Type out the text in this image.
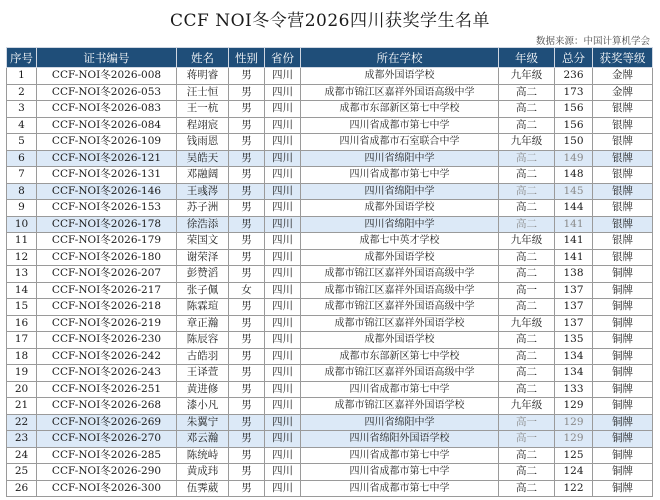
CCF NOI冬令营2026四川获奖学生名单
数据来源：中国计算机学会
序号	证书编号	姓名	性别	省份	所在学校	年级	总分	获奖等级
1	CCF-NOI冬2026-008	蒋明睿	男	四川	成都外国语学校	九年级	236	金牌
2	CCF-NOI冬2026-053	汪士恒	男	四川	成都市锦江区嘉祥外国语高级中学	高二	173	金牌
3	CCF-NOI冬2026-083	王一杭	男	四川	成都市东部新区第七中学校	高二	156	银牌
4	CCF-NOI冬2026-084	程翊宸	男	四川	四川省成都市第七中学	高二	156	银牌
5	CCF-NOI冬2026-109	钱雨恩	男	四川	四川省成都市石室联合中学	九年级	150	银牌
6	CCF-NOI冬2026-121	吴皓天	男	四川	四川省绵阳中学	高二	149	银牌
7	CCF-NOI冬2026-131	邓融阔	男	四川	四川省成都市第七中学	高二	148	银牌
8	CCF-NOI冬2026-146	王彧涔	男	四川	四川省绵阳中学	高二	145	银牌
9	CCF-NOI冬2026-153	苏子洲	男	四川	成都外国语学校	高二	144	银牌
10	CCF-NOI冬2026-178	徐浩添	男	四川	四川省绵阳中学	高二	141	银牌
11	CCF-NOI冬2026-179	荣国文	男	四川	成都七中英才学校	九年级	141	银牌
12	CCF-NOI冬2026-180	谢荣泽	男	四川	成都外国语学校	高二	141	银牌
13	CCF-NOI冬2026-207	彭赞滔	男	四川	成都市锦江区嘉祥外国语高级中学	高二	138	铜牌
14	CCF-NOI冬2026-217	张子佩	女	四川	成都市锦江区嘉祥外国语高级中学	高一	137	铜牌
15	CCF-NOI冬2026-218	陈霖瑄	男	四川	成都市锦江区嘉祥外国语高级中学	高二	137	铜牌
16	CCF-NOI冬2026-219	章正瀚	男	四川	成都市锦江区嘉祥外国语学校	九年级	137	铜牌
17	CCF-NOI冬2026-230	陈辰容	男	四川	成都外国语学校	高二	135	铜牌
18	CCF-NOI冬2026-242	古皓羽	男	四川	成都市东部新区第七中学校	高二	134	铜牌
19	CCF-NOI冬2026-243	王译萱	男	四川	成都市锦江区嘉祥外国语高级中学	高二	134	铜牌
20	CCF-NOI冬2026-251	黄进修	男	四川	四川省成都市第七中学	高二	133	铜牌
21	CCF-NOI冬2026-268	漆小凡	男	四川	成都市锦江区嘉祥外国语学校	九年级	129	铜牌
22	CCF-NOI冬2026-269	朱翼宁	男	四川	四川省绵阳中学	高一	129	铜牌
23	CCF-NOI冬2026-270	邓云瀚	男	四川	四川省绵阳外国语学校	高一	129	铜牌
24	CCF-NOI冬2026-285	陈统峙	男	四川	四川省成都市第七中学	高二	125	铜牌
25	CCF-NOI冬2026-290	黄成玮	男	四川	四川省成都市第七中学	高二	124	铜牌
26	CCF-NOI冬2026-300	伍霁葳	男	四川	四川省成都市第七中学	高二	122	铜牌
